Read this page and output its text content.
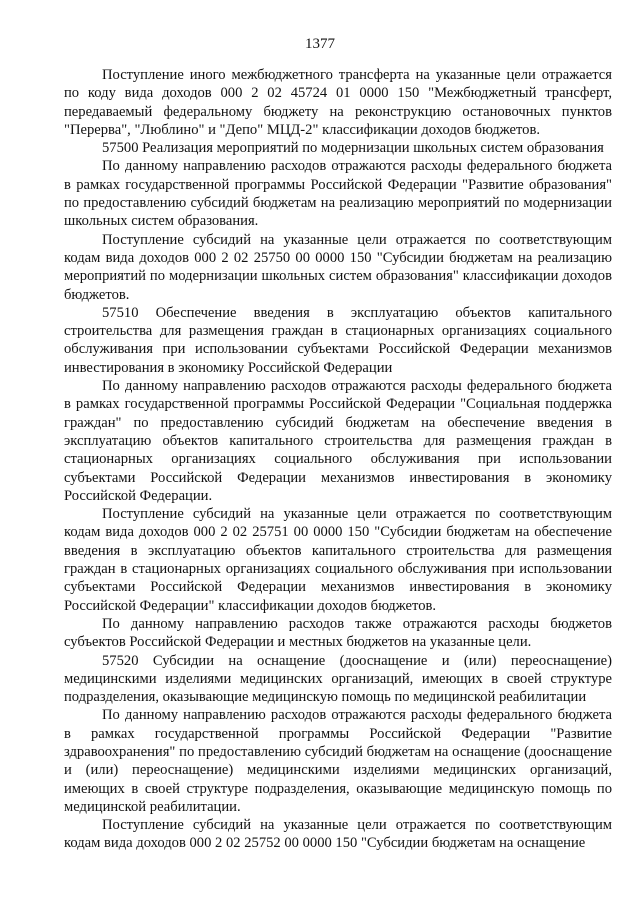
1377

Поступление иного межбюджетного трансферта на указанные цели отражается по коду вида доходов 000 2 02 45724 01 0000 150 "Межбюджетный трансферт, передаваемый федеральному бюджету на реконструкцию остановочных пунктов "Перерва", "Люблино" и "Депо" МЦД-2" классификации доходов бюджетов.

57500 Реализация мероприятий по модернизации школьных систем образования

По данному направлению расходов отражаются расходы федерального бюджета в рамках государственной программы Российской Федерации "Развитие образования" по предоставлению субсидий бюджетам на реализацию мероприятий по модернизации школьных систем образования.

Поступление субсидий на указанные цели отражается по соответствующим кодам вида доходов 000 2 02 25750 00 0000 150 "Субсидии бюджетам на реализацию мероприятий по модернизации школьных систем образования" классификации доходов бюджетов.

57510 Обеспечение введения в эксплуатацию объектов капитального строительства для размещения граждан в стационарных организациях социального обслуживания при использовании субъектами Российской Федерации механизмов инвестирования в экономику Российской Федерации

По данному направлению расходов отражаются расходы федерального бюджета в рамках государственной программы Российской Федерации "Социальная поддержка граждан" по предоставлению субсидий бюджетам на обеспечение введения в эксплуатацию объектов капитального строительства для размещения граждан в стационарных организациях социального обслуживания при использовании субъектами Российской Федерации механизмов инвестирования в экономику Российской Федерации.

Поступление субсидий на указанные цели отражается по соответствующим кодам вида доходов 000 2 02 25751 00 0000 150 "Субсидии бюджетам на обеспечение введения в эксплуатацию объектов капитального строительства для размещения граждан в стационарных организациях социального обслуживания при использовании субъектами Российской Федерации механизмов инвестирования в экономику Российской Федерации" классификации доходов бюджетов.

По данному направлению расходов также отражаются расходы бюджетов субъектов Российской Федерации и местных бюджетов на указанные цели.

57520 Субсидии на оснащение (дооснащение и (или) переоснащение) медицинскими изделиями медицинских организаций, имеющих в своей структуре подразделения, оказывающие медицинскую помощь по медицинской реабилитации

По данному направлению расходов отражаются расходы федерального бюджета в рамках государственной программы Российской Федерации "Развитие здравоохранения" по предоставлению субсидий бюджетам на оснащение (дооснащение и (или) переоснащение) медицинскими изделиями медицинских организаций, имеющих в своей структуре подразделения, оказывающие медицинскую помощь по медицинской реабилитации.

Поступление субсидий на указанные цели отражается по соответствующим кодам вида доходов 000 2 02 25752 00 0000 150 "Субсидии бюджетам на оснащение
